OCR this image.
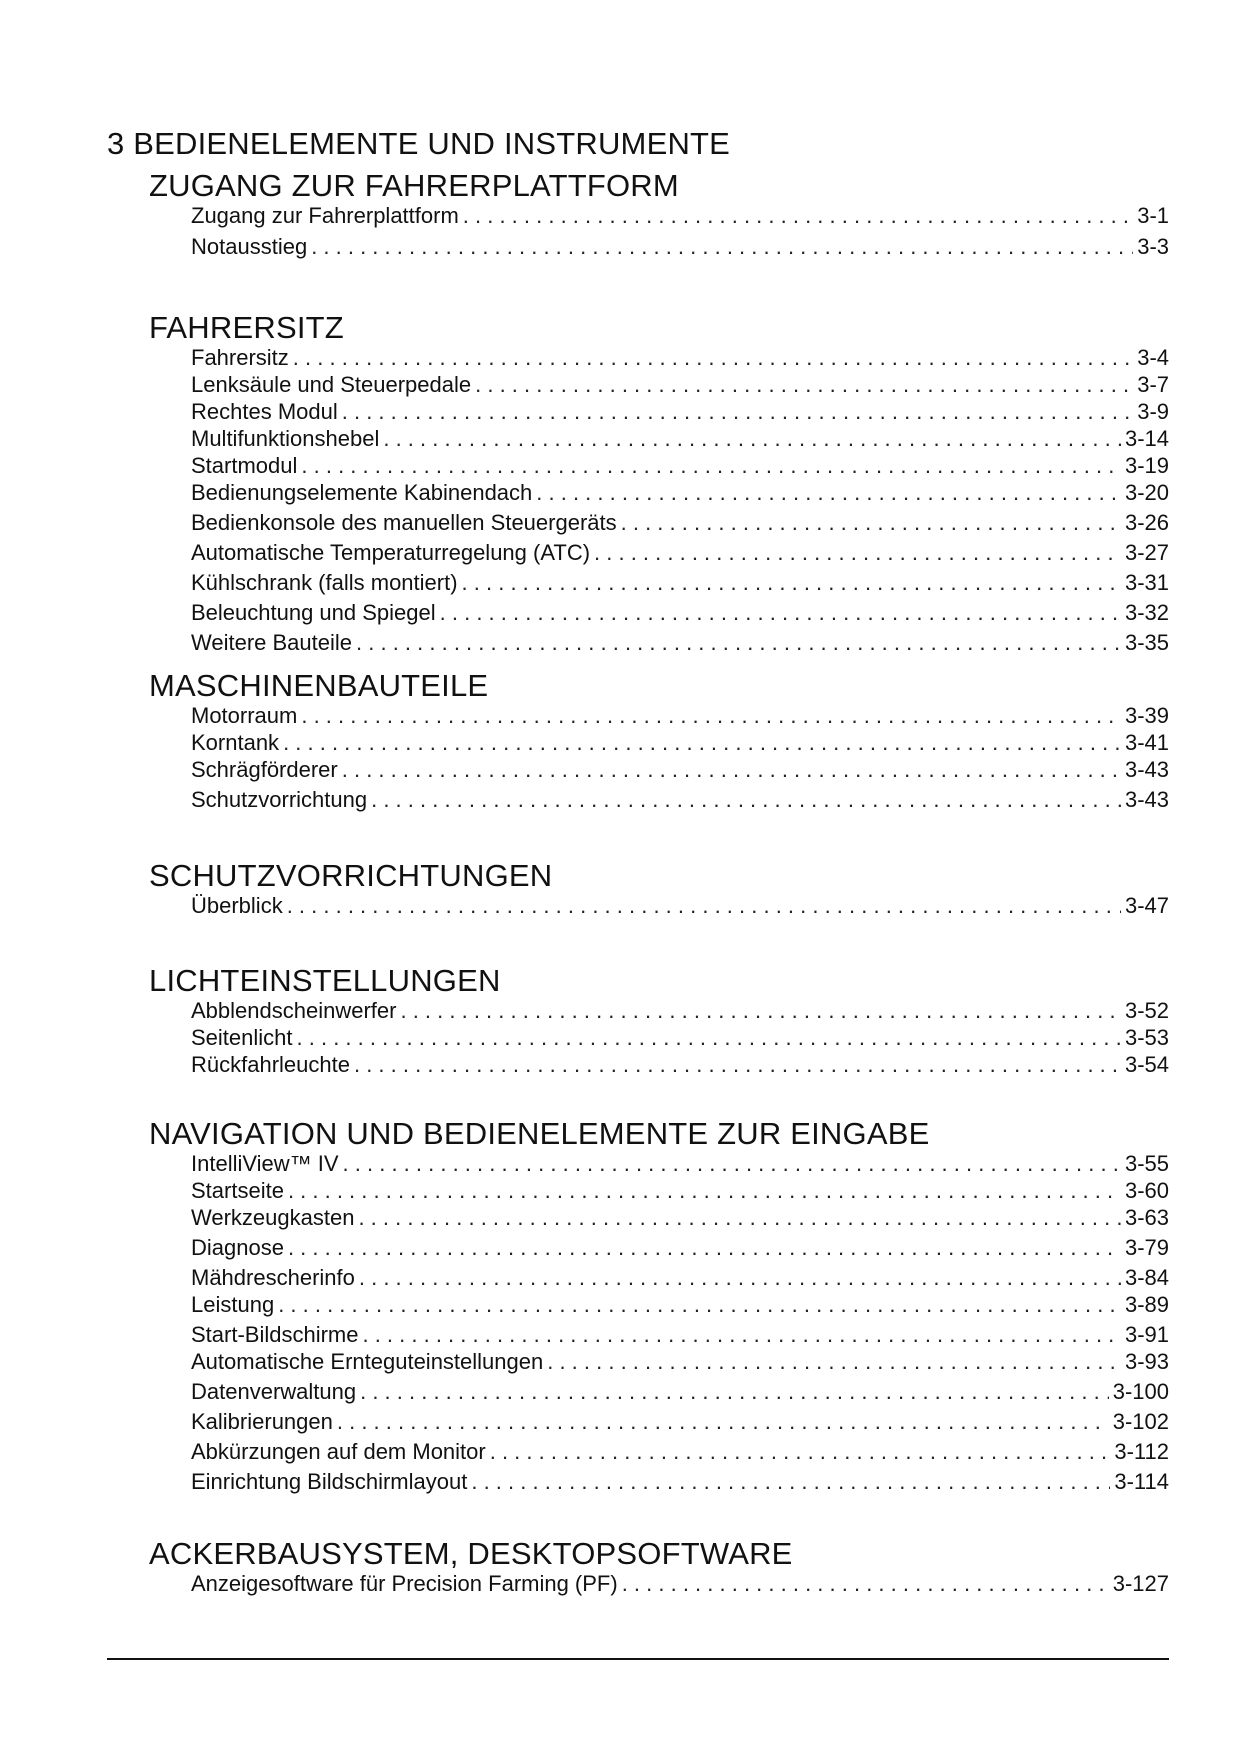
3 BEDIENELEMENTE UND INSTRUMENTE
ZUGANG ZUR FAHRERPLATTFORM
Zugang zur Fahrerplattform . . .	3-1
Notausstieg . . .	3-3
FAHRERSITZ
Fahrersitz . . .	3-4
Lenksäule und Steuerpedale . . .	3-7
Rechtes Modul . . .	3-9
Multifunktionshebel . . .	3-14
Startmodul . . .	3-19
Bedienungselemente Kabinendach . . .	3-20
Bedienkonsole des manuellen Steuergeräts . . .	3-26
Automatische Temperaturregelung (ATC) . . .	3-27
Kühlschrank (falls montiert) . . .	3-31
Beleuchtung und Spiegel . . .	3-32
Weitere Bauteile . . .	3-35
MASCHINENBAUTEILE
Motorraum . . .	3-39
Korntank . . .	3-41
Schrägförderer . . .	3-43
Schutzvorrichtung . . .	3-43
SCHUTZVORRICHTUNGEN
Überblick . . .	3-47
LICHTEINSTELLUNGEN
Abblendscheinwerfer . . .	3-52
Seitenlicht . . .	3-53
Rückfahrleuchte . . .	3-54
NAVIGATION UND BEDIENELEMENTE ZUR EINGABE
IntelliView™ IV . . .	3-55
Startseite . . .	3-60
Werkzeugkasten . . .	3-63
Diagnose . . .	3-79
Mähdrescherinfo . . .	3-84
Leistung . . .	3-89
Start-Bildschirme . . .	3-91
Automatische Ernteguteinstellungen . . .	3-93
Datenverwaltung . . .	3-100
Kalibrierungen . . .	3-102
Abkürzungen auf dem Monitor . . .	3-112
Einrichtung Bildschirmlayout . . .	3-114
ACKERBAUSYSTEM, DESKTOPSOFTWARE
Anzeigesoftware für Precision Farming (PF) . . .	3-127
